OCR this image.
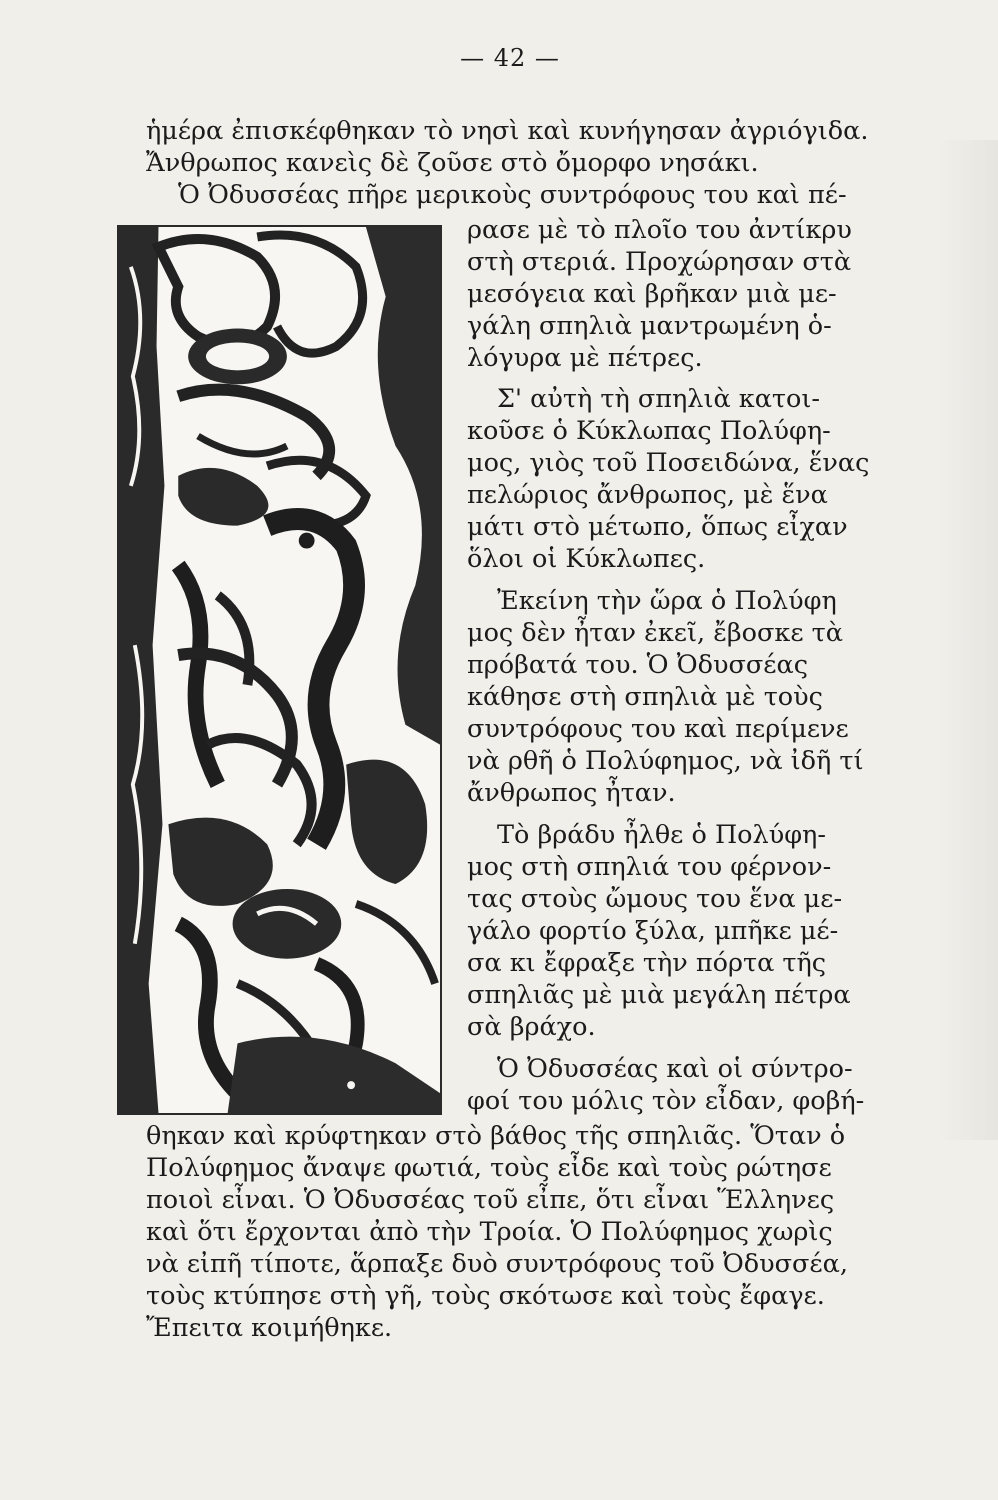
— 42 —
ἡμέρα ἐπισκέφθηκαν τὸ νησὶ καὶ κυνήγησαν ἀγριόγιδα.
Ἄνθρωπος κανεὶς δὲ ζοῦσε στὸ ὄμορφο νησάκι.
Ὁ Ὀδυσσέας πῆρε μερικοὺς συντρόφους του καὶ πέ-
ρασε μὲ τὸ πλοῖο του ἀντίκρυ
στὴ στεριά. Προχώρησαν στὰ
μεσόγεια καὶ βρῆκαν μιὰ με-
γάλη σπηλιὰ μαντρωμένη ὁ-
λόγυρα μὲ πέτρες.
Σ' αὐτὴ τὴ σπηλιὰ κατοι-
κοῦσε ὁ Κύκλωπας Πολύφη-
μος, γιὸς τοῦ Ποσειδώνα, ἕνας
πελώριος ἄνθρωπος, μὲ ἕνα
μάτι στὸ μέτωπο, ὅπως εἶχαν
ὅλοι οἱ Κύκλωπες.
Ἐκείνη τὴν ὥρα ὁ Πολύφη
μος δὲν ἦταν ἐκεῖ, ἔβοσκε τὰ
πρόβατά του. Ὁ Ὀδυσσέας
κάθησε στὴ σπηλιὰ μὲ τοὺς
συντρόφους του καὶ περίμενε
νὰ ρθῆ ὁ Πολύφημος, νὰ ἰδῆ τί
ἄνθρωπος ἦταν.
Τὸ βράδυ ἦλθε ὁ Πολύφη-
μος στὴ σπηλιά του φέρνον-
τας στοὺς ὤμους του ἕνα με-
γάλο φορτίο ξύλα, μπῆκε μέ-
σα κι ἔφραξε τὴν πόρτα τῆς
σπηλιᾶς μὲ μιὰ μεγάλη πέτρα
σὰ βράχο.
Ὁ Ὀδυσσέας καὶ οἱ σύντρο-
φοί του μόλις τὸν εἶδαν, φοβή-
θηκαν καὶ κρύφτηκαν στὸ βάθος τῆς σπηλιᾶς. Ὅταν ὁ
Πολύφημος ἄναψε φωτιά, τοὺς εἶδε καὶ τοὺς ρώτησε
ποιοὶ εἶναι. Ὁ Ὀδυσσέας τοῦ εἶπε, ὅτι εἶναι Ἕλληνες
καὶ ὅτι ἔρχονται ἀπὸ τὴν Τροία. Ὁ Πολύφημος χωρὶς
νὰ εἰπῆ τίποτε, ἅρπαξε δυὸ συντρόφους τοῦ Ὀδυσσέα,
τοὺς κτύπησε στὴ γῆ, τοὺς σκότωσε καὶ τοὺς ἔφαγε.
Ἔπειτα κοιμήθηκε.
